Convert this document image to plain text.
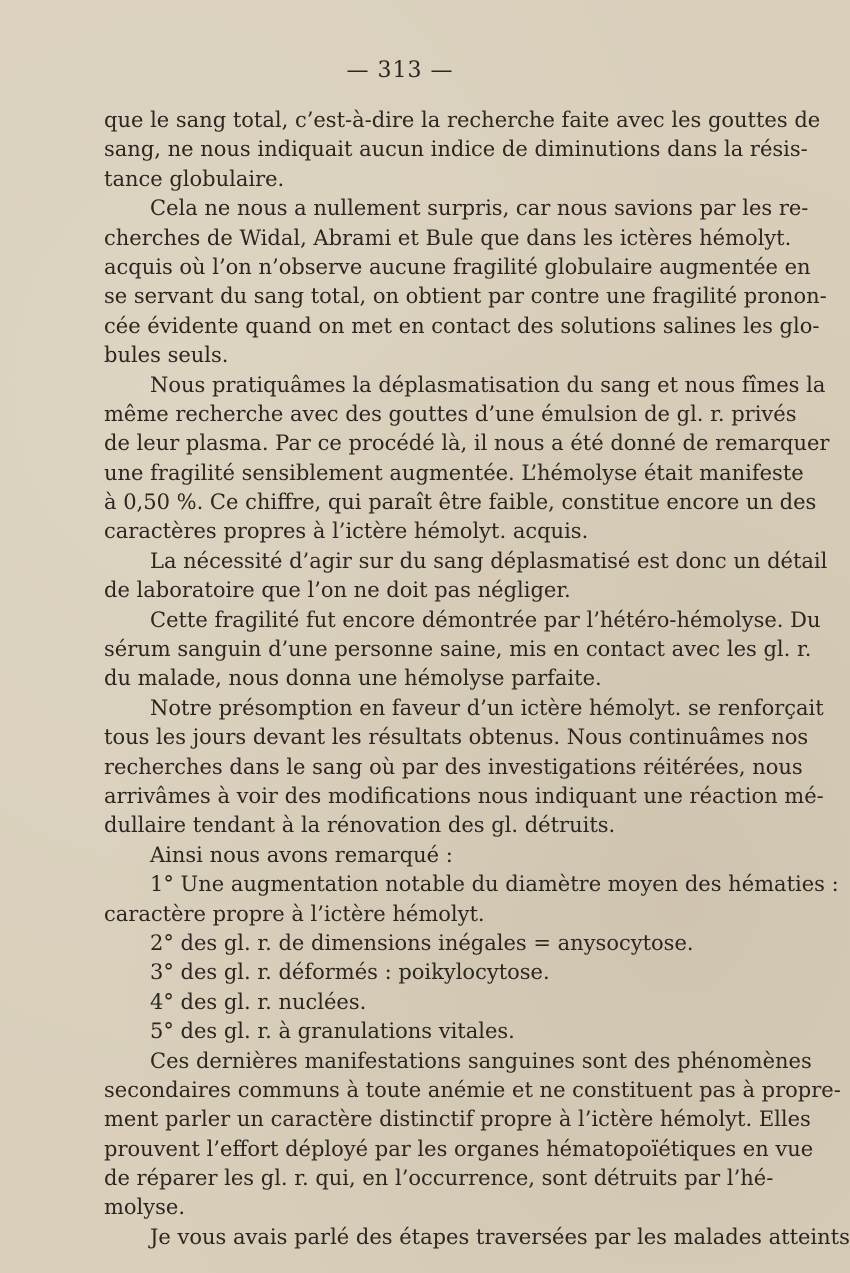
— 313 —
que le sang total, c’est-à-dire la recherche faite avec les gouttes de
sang, ne nous indiquait aucun indice de diminutions dans la résis-
tance globulaire.
Cela ne nous a nullement surpris, car nous savions par les re-
cherches de Widal, Abrami et Bule que dans les ictères hémolyt.
acquis où l’on n’observe aucune fragilité globulaire augmentée en
se servant du sang total, on obtient par contre une fragilité pronon-
cée évidente quand on met en contact des solutions salines les glo-
bules seuls.
Nous pratiquâmes la déplasmatisation du sang et nous fîmes la
même recherche avec des gouttes d’une émulsion de gl. r. privés
de leur plasma. Par ce procédé là, il nous a été donné de remarquer
une fragilité sensiblement augmentée. L’hémolyse était manifeste
à 0,50 %. Ce chiffre, qui paraît être faible, constitue encore un des
caractères propres à l’ictère hémolyt. acquis.
La nécessité d’agir sur du sang déplasmatisé est donc un détail
de laboratoire que l’on ne doit pas négliger.
Cette fragilité fut encore démontrée par l’hétéro-hémolyse. Du
sérum sanguin d’une personne saine, mis en contact avec les gl. r.
du malade, nous donna une hémolyse parfaite.
Notre présomption en faveur d’un ictère hémolyt. se renforçait
tous les jours devant les résultats obtenus. Nous continuâmes nos
recherches dans le sang où par des investigations réitérées, nous
arrivâmes à voir des modifications nous indiquant une réaction mé-
dullaire tendant à la rénovation des gl. détruits.
Ainsi nous avons remarqué :
1° Une augmentation notable du diamètre moyen des hématies :
caractère propre à l’ictère hémolyt.
2° des gl. r. de dimensions inégales = anysocytose.
3° des gl. r. déformés : poikylocytose.
4° des gl. r. nuclées.
5° des gl. r. à granulations vitales.
Ces dernières manifestations sanguines sont des phénomènes
secondaires communs à toute anémie et ne constituent pas à propre-
ment parler un caractère distinctif propre à l’ictère hémolyt. Elles
prouvent l’effort déployé par les organes hématopoïétiques en vue
de réparer les gl. r. qui, en l’occurrence, sont détruits par l’hé-
molyse.
Je vous avais parlé des étapes traversées par les malades atteints
